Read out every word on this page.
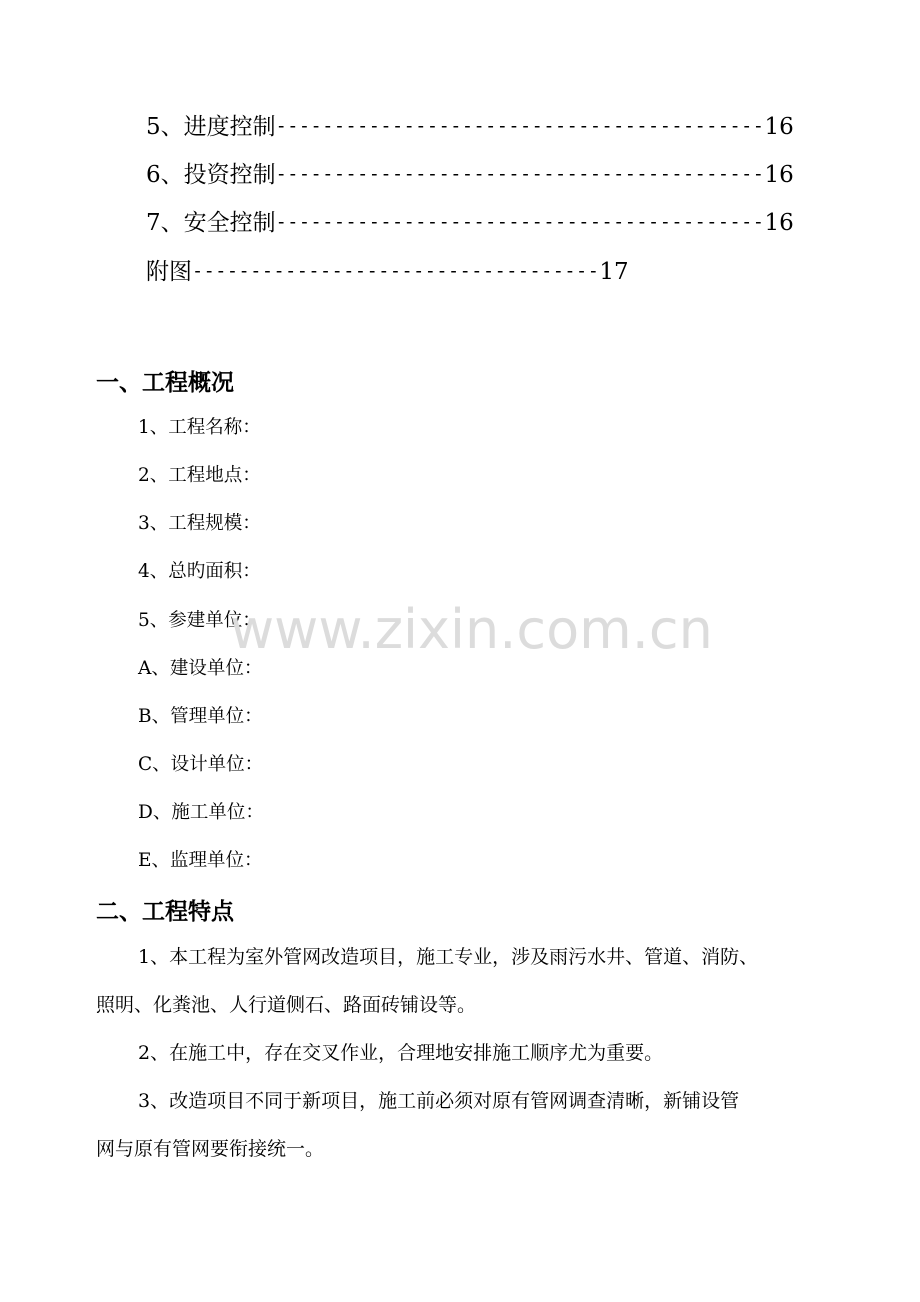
5、进度控制------------------------------------------16
6、投资控制------------------------------------------16
7、安全控制------------------------------------------16
附图-----------------------------------17
一、工程概况
1、工程名称：
2、工程地点：
3、工程规模：
4、总旳面积：
5、参建单位：
A、建设单位：
B、管理单位：
C、设计单位：
D、施工单位：
E、监理单位：
二、工程特点
1、本工程为室外管网改造项目，施工专业，涉及雨污水井、管道、消防、
照明、化粪池、人行道侧石、路面砖铺设等。
2、在施工中，存在交叉作业，合理地安排施工顺序尤为重要。
3、改造项目不同于新项目，施工前必须对原有管网调查清晰，新铺设管
网与原有管网要衔接统一。
www.zixin.com.cn
